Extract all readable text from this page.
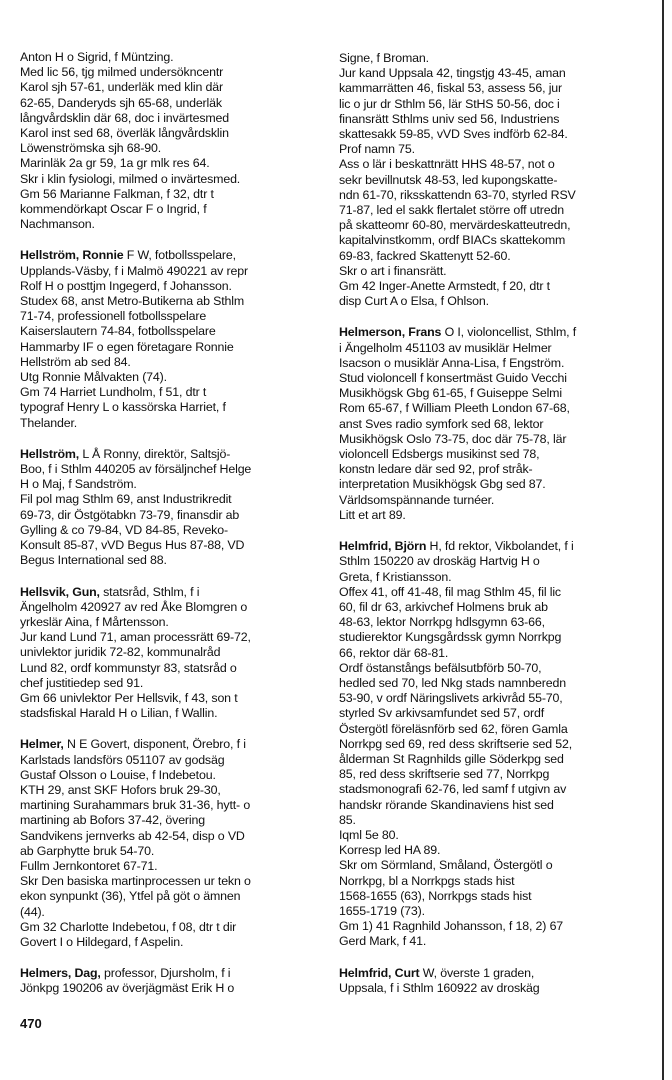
Anton H o Sigrid, f Müntzing.
Med lic 56, tjg milmed undersökncentr
Karol sjh 57-61, underläk med klin där
62-65, Danderyds sjh 65-68, underläk
långvårdsklin där 68, doc i invärtesmed
Karol inst sed 68, överläk långvårdsklin
Löwenströmska sjh 68-90.
Marinläk 2a gr 59, 1a gr mlk res 64.
Skr i klin fysiologi, milmed o invärtesmed.
Gm 56 Marianne Falkman, f 32, dtr t
kommendörkapt Oscar F o Ingrid, f
Nachmanson.
Hellström, Ronnie F W, fotbollsspelare,
Upplands-Väsby, f i Malmö 490221 av repr
Rolf H o posttjm Ingegerd, f Johansson.
Studex 68, anst Metro-Butikerna ab Sthlm
71-74, professionell fotbollsspelare
Kaiserslautern 74-84, fotbollsspelare
Hammarby IF o egen företagare Ronnie
Hellström ab sed 84.
Utg Ronnie Målvakten (74).
Gm 74 Harriet Lundholm, f 51, dtr t
typograf Henry L o kassörska Harriet, f
Thelander.
Hellström, L Å Ronny, direktör, Saltsjö-
Boo, f i Sthlm 440205 av försäljnchef Helge
H o Maj, f Sandström.
Fil pol mag Sthlm 69, anst Industrikredit
69-73, dir Östgötabkn 73-79, finansdir ab
Gylling & co 79-84, VD 84-85, Reveko-
Konsult 85-87, vVD Begus Hus 87-88, VD
Begus International sed 88.
Hellsvik, Gun, statsråd, Sthlm, f i
Ängelholm 420927 av red Åke Blomgren o
yrkeslär Aina, f Mårtensson.
Jur kand Lund 71, aman processrätt 69-72,
univlektor juridik 72-82, kommunalråd
Lund 82, ordf kommunstyr 83, statsråd o
chef justitiedep sed 91.
Gm 66 univlektor Per Hellsvik, f 43, son t
stadsfiskal Harald H o Lilian, f Wallin.
Helmer, N E Govert, disponent, Örebro, f i
Karlstads landsförs 051107 av godsäg
Gustaf Olsson o Louise, f Indebetou.
KTH 29, anst SKF Hofors bruk 29-30,
martining Surahammars bruk 31-36, hytt- o
martining ab Bofors 37-42, övering
Sandvikens jernverks ab 42-54, disp o VD
ab Garphytte bruk 54-70.
Fullm Jernkontoret 67-71.
Skr Den basiska martinprocessen ur tekn o
ekon synpunkt (36), Ytfel på göt o ämnen
(44).
Gm 32 Charlotte Indebetou, f 08, dtr t dir
Govert I o Hildegard, f Aspelin.
Helmers, Dag, professor, Djursholm, f i
Jönkpg 190206 av överjägmäst Erik H o
Signe, f Broman.
Jur kand Uppsala 42, tingstjg 43-45, aman
kammarrätten 46, fiskal 53, assess 56, jur
lic o jur dr Sthlm 56, lär StHS 50-56, doc i
finansrätt Sthlms univ sed 56, Industriens
skattesakk 59-85, vVD Sves indförb 62-84.
Prof namn 75.
Ass o lär i beskattnrätt HHS 48-57, not o
sekr bevillnutsk 48-53, led kupongskatte-
ndn 61-70, riksskattendn 63-70, styrled RSV
71-87, led el sakk flertalet större off utredn
på skatteomr 60-80, mervärdeskatteutredn,
kapitalvinstkomm, ordf BIACs skattekomm
69-83, fackred Skattenytt 52-60.
Skr o art i finansrätt.
Gm 42 Inger-Anette Armstedt, f 20, dtr t
disp Curt A o Elsa, f Ohlson.
Helmerson, Frans O I, violoncellist, Sthlm, f
i Ängelholm 451103 av musiklär Helmer
Isacson o musiklär Anna-Lisa, f Engström.
Stud violoncell f konsertmäst Guido Vecchi
Musikhögsk Gbg 61-65, f Guiseppe Selmi
Rom 65-67, f William Pleeth London 67-68,
anst Sves radio symfork sed 68, lektor
Musikhögsk Oslo 73-75, doc där 75-78, lär
violoncell Edsbergs musikinst sed 78,
konstn ledare där sed 92, prof stråk-
interpretation Musikhögsk Gbg sed 87.
Världsomspännande turnéer.
Litt et art 89.
Helmfrid, Björn H, fd rektor, Vikbolandet, f i
Sthlm 150220 av droskäg Hartvig H o
Greta, f Kristiansson.
Offex 41, off 41-48, fil mag Sthlm 45, fil lic
60, fil dr 63, arkivchef Holmens bruk ab
48-63, lektor Norrkpg hdlsgymn 63-66,
studierektor Kungsgårdssk gymn Norrkpg
66, rektor där 68-81.
Ordf östanstångs befälsutbförb 50-70,
hedled sed 70, led Nkg stads namnberedn
53-90, v ordf Näringslivets arkivråd 55-70,
styrled Sv arkivsamfundet sed 57, ordf
Östergötl föreläsnförb sed 62, fören Gamla
Norrkpg sed 69, red dess skriftserie sed 52,
ålderman St Ragnhilds gille Söderkpg sed
85, red dess skriftserie sed 77, Norrkpg
stadsmonografi 62-76, led samf f utgivn av
handskr rörande Skandinaviens hist sed
85.
Iqml 5e 80.
Korresp led HA 89.
Skr om Sörmland, Småland, Östergötl o
Norrkpg, bl a Norrkpgs stads hist
1568-1655 (63), Norrkpgs stads hist
1655-1719 (73).
Gm 1) 41 Ragnhild Johansson, f 18, 2) 67
Gerd Mark, f 41.
Helmfrid, Curt W, överste 1 graden,
Uppsala, f i Sthlm 160922 av droskäg
470
